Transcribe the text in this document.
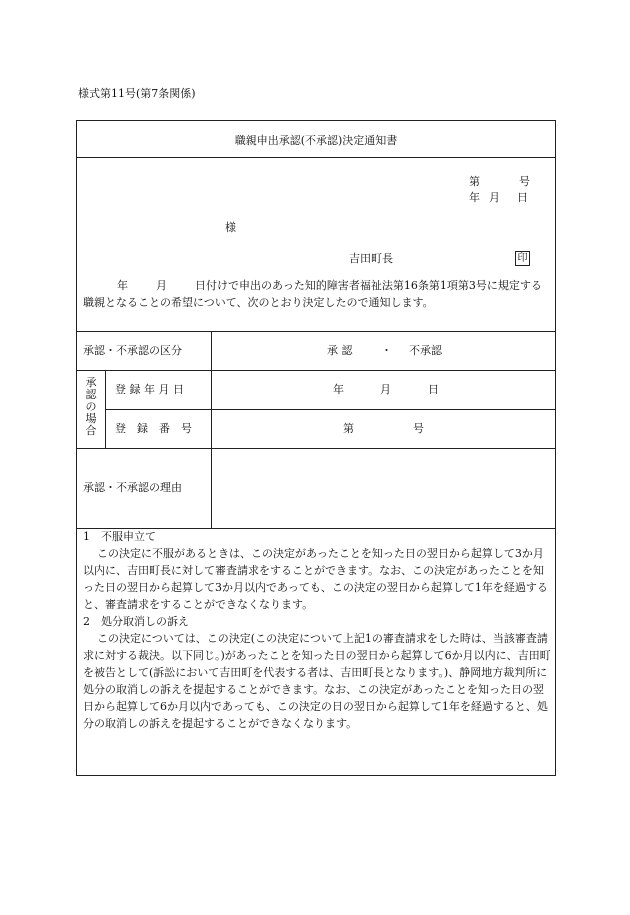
様式第11号(第7条関係)
職親申出承認(不承認)決定通知書
第	号
年 月 日
様
吉田町長	印
年	月	日付けで申出のあった知的障害者福祉法第16条第1項第3号に規定する職親となることの希望について、次のとおり決定したので通知します。
承認・不承認の区分	承 認	・ 不承認
承
認
の
場
合
登 録 年 月 日	年	月	日
登　録　番　号	第	号
承認・不承認の理由
1　不服申立て
この決定に不服があるときは、この決定があったことを知った日の翌日から起算して3か月以内に、吉田町長に対して審査請求をすることができます。なお、この決定があったことを知った日の翌日から起算して3か月以内であっても、この決定の翌日から起算して1年を経過すると、審査請求をすることができなくなります。
2　処分取消しの訴え
この決定については、この決定(この決定について上記1の審査請求をした時は、当該審査請求に対する裁決。以下同じ。)があったことを知った日の翌日から起算して6か月以内に、吉田町を被告として(訴訟において吉田町を代表する者は、吉田町長となります。)、静岡地方裁判所に処分の取消しの訴えを提起することができます。なお、この決定があったことを知った日の翌日から起算して6か月以内であっても、この決定の日の翌日から起算して1年を経過すると、処分の取消しの訴えを提起することができなくなります。
